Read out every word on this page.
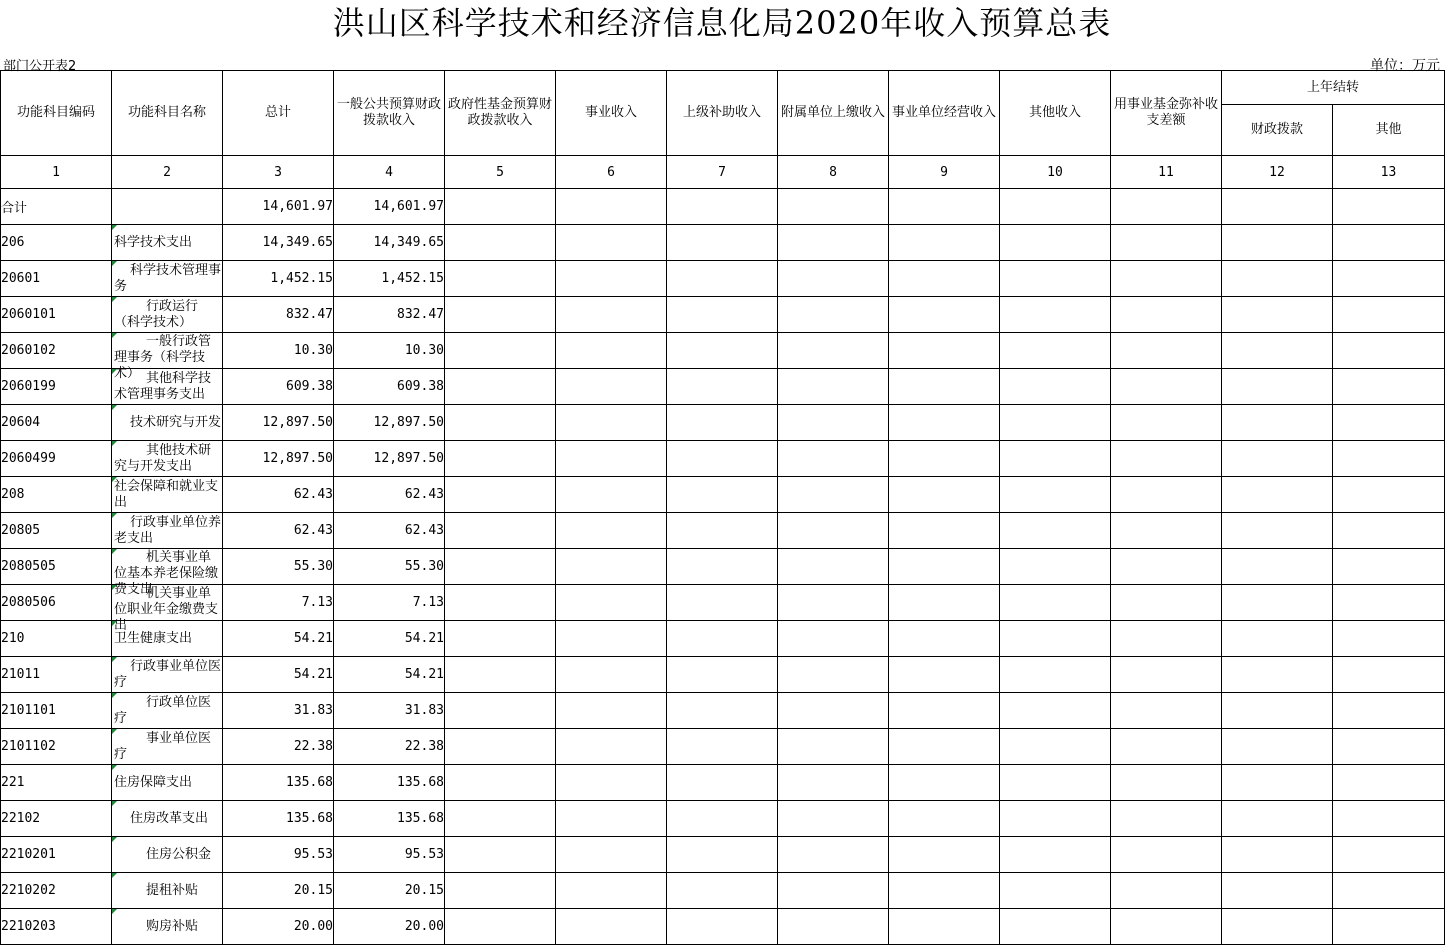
洪山区科学技术和经济信息化局2020年收入预算总表
部门公开表2	单位：万元
功能科目编码	功能科目名称	总计	一般公共预算财政拨款收入	政府性基金预算财政拨款收入	事业收入	上级补助收入	附属单位上缴收入	事业单位经营收入	其他收入	用事业基金弥补收支差额	上年结转	
											财政拨款	其他
1	2	3	4	5	6	7	8	9	10	11	12	13
合计		14,601.97	14,601.97									
206	科学技术支出	14,349.65	14,349.65									
20601	科学技术管理事务	1,452.15	1,452.15									
2060101	行政运行（科学技术）	832.47	832.47									
2060102	一般行政管理事务（科学技术）	10.30	10.30									
2060199	其他科学技术管理事务支出	609.38	609.38									
20604	技术研究与开发	12,897.50	12,897.50									
2060499	其他技术研究与开发支出	12,897.50	12,897.50									
208	社会保障和就业支出	62.43	62.43									
20805	行政事业单位养老支出	62.43	62.43									
2080505	机关事业单位基本养老保险缴费支出	55.30	55.30									
2080506	机关事业单位职业年金缴费支出	7.13	7.13									
210	卫生健康支出	54.21	54.21									
21011	行政事业单位医疗	54.21	54.21									
2101101	行政单位医疗	31.83	31.83									
2101102	事业单位医疗	22.38	22.38									
221	住房保障支出	135.68	135.68									
22102	住房改革支出	135.68	135.68									
2210201	住房公积金	95.53	95.53									
2210202	提租补贴	20.15	20.15									
2210203	购房补贴	20.00	20.00									
